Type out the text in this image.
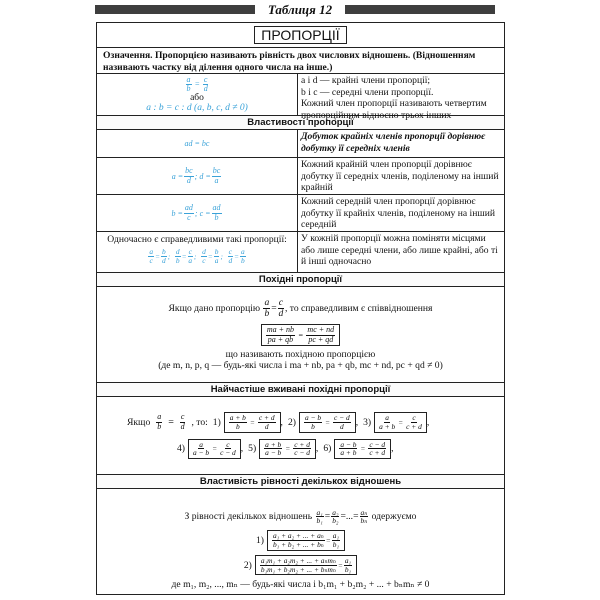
Таблиця 12
ПРОПОРЦІЇ
Означення. Пропорцією називають рівність двох числових відношень. (Відношенням називають частку від ділення одного числа на інше.)
$\frac{a}{b} = \frac{c}{d}$
або
a : b = c : d (a, b, c, d ≠ 0)
a і d — крайні члени пропорції;
b і c — середні члени пропорції.
Кожний член пропорції називають четвертим пропорційним відносно трьох інших
Властивості пропорції
ad = bc
Добуток крайніх членів пропорції дорівнює добутку її середніх членів
$a = \frac{bc}{d}$ ; $d = \frac{bc}{a}$
Кожний крайній член пропорції дорівнює добутку її середніх членів, поділеному на інший крайній
$b = \frac{ad}{c}$ ; $c = \frac{ad}{b}$
Кожний середній член пропорції дорівнює добутку її крайніх членів, поділеному на інший середній
Одночасно є справедливими такі пропорції:
$\frac{a}{c} = \frac{b}{d}$ ; $\frac{d}{b} = \frac{c}{a}$ ; $\frac{d}{c} = \frac{b}{a}$ ; $\frac{c}{d} = \frac{a}{b}$
У кожній пропорції можна поміняти місцями або лише середні члени, або лише крайні, або ті й інші одночасно
Похідні пропорції
Якщо дано пропорцію
$\frac{a}{b} = \frac{c}{d}$ , то справедливим є співвідношення
$\frac{ma + nb}{pa + qb} = \frac{mc + nd}{pc + qd}$
що називають похідною пропорцією
(де m, n, p, q — будь-які числа і ma + nb, pa + qb, mc + nd, pc + qd ≠ 0)
Найчастіше вживані похідні пропорції
Якщо $\frac{a}{b} = \frac{c}{d}$ , то: $1) \frac{a + b}{b} = \frac{c + d}{d}$ , $2) \frac{a - b}{b} = \frac{c - d}{d}$ , $3) \frac{a}{a + b} = \frac{c}{c + d}$ ,
$4) \frac{a}{a - b} = \frac{c}{c - d}$ , $5) \frac{a + b}{a - b} = \frac{c + d}{c - d}$ , $6) \frac{a - b}{a + b} = \frac{c - d}{c + d}$ ,
Властивість рівності декількох відношень
З рівності декількох відношень
$\frac{\text{a₁}}{\text{b₁}} = \frac{\text{a₂}}{\text{b₂}}$ =...= $\frac{\text{aₙ}}{\text{bₙ}}$
одержуємо
$1) \frac{\text{a₁ + a₂ + ... + aₙ}}{\text{b₁ + b₂ + ... + bₙ}} = \frac{\text{a₁}}{\text{b₁}}$
$2) \frac{\text{a₁m₁ + a₂m₂ + ... + aₙmₙ}}{\text{b₁m₁ + b₂m₂ + ... + bₙmₙ}} = \frac{\text{a₁}}{\text{b₁}}$
де m₁, m₂, ..., mₙ — будь-які числа і b₁m₁ + b₂m₂ + ... + bₙmₙ ≠ 0
